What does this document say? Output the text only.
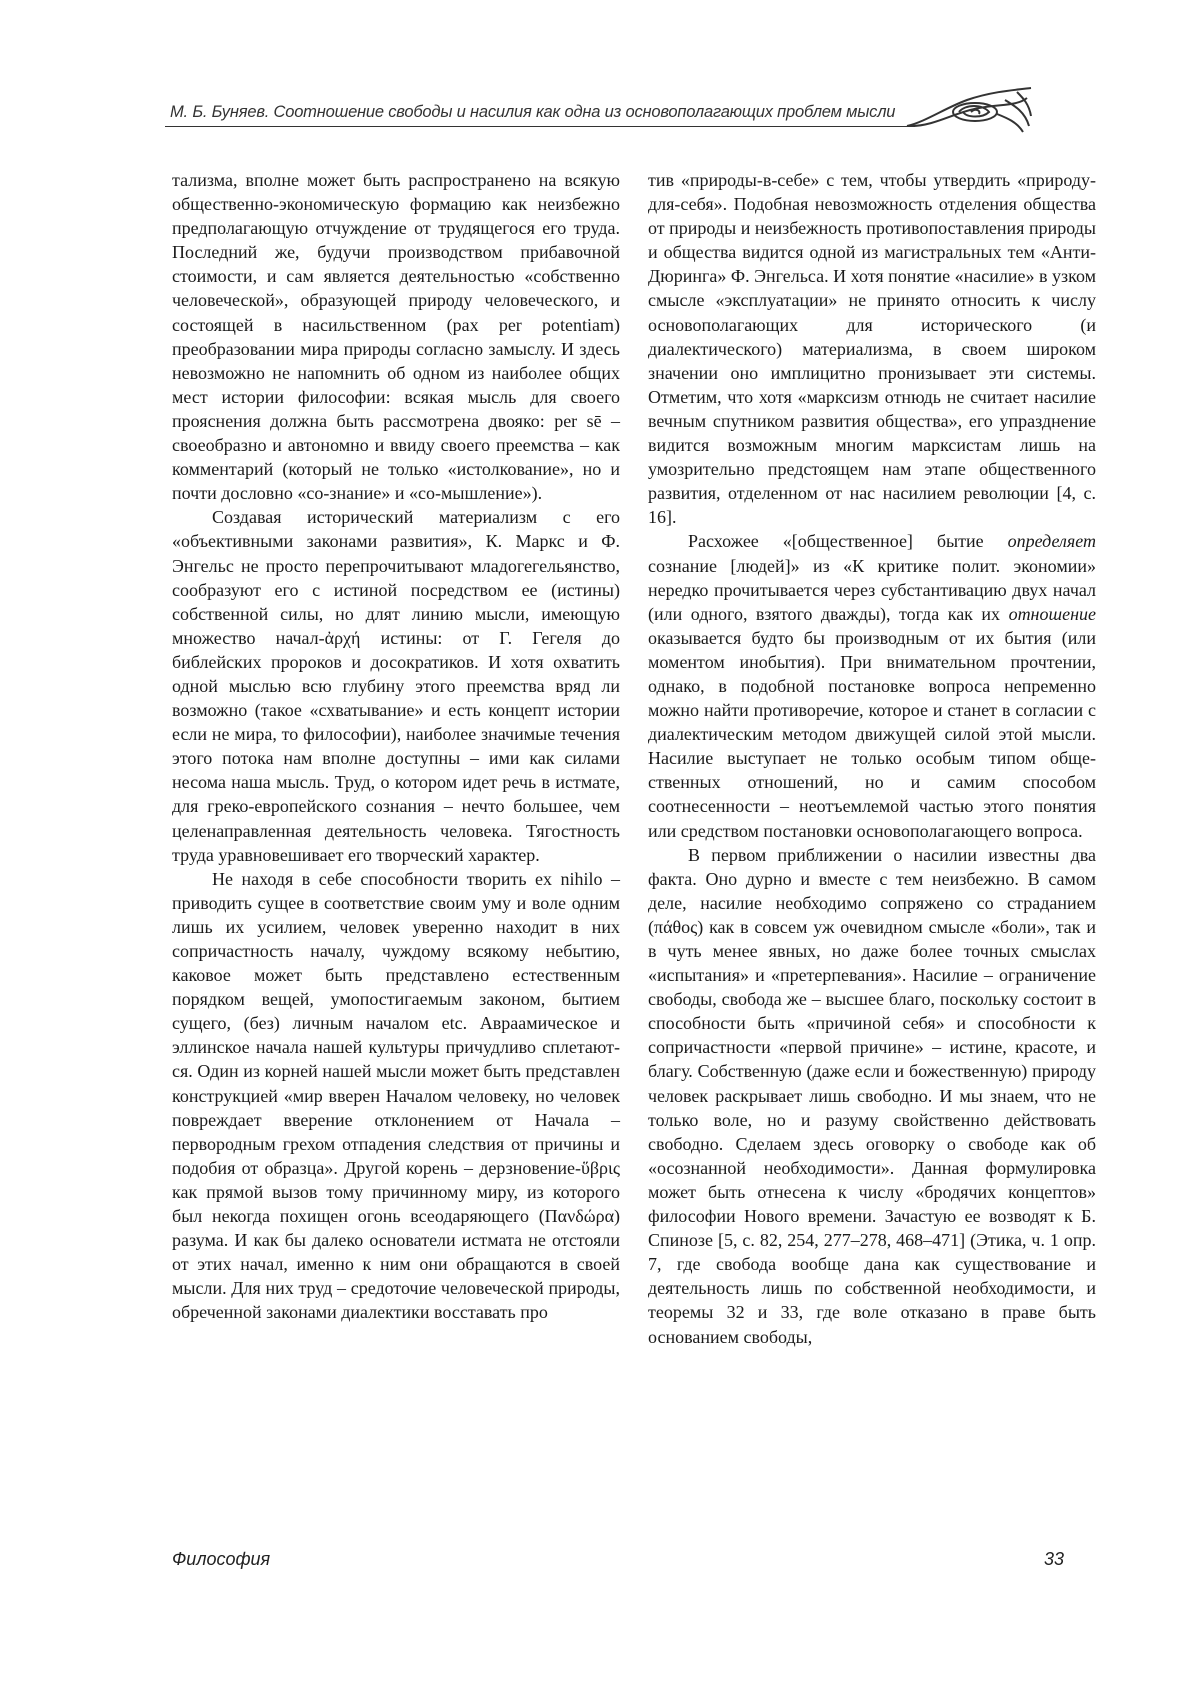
М. Б. Буняев. Соотношение свободы и насилия как одна из основополагающих проблем мысли

тализма, вполне может быть распространено на всякую общественно-экономическую формацию как неизбежно предполагающую отчуждение от трудящегося его труда. Последний же, будучи производством прибавочной стоимости, и сам является деятельностью «собственно человеческой», образующей природу человеческого, и состоящей в насильственном (pax per potentiam) преобразовании мира природы согласно замыслу. И здесь невозможно не напомнить об одном из наиболее общих мест истории философии: всякая мысль для своего прояснения должна быть рассмотрена двояко: per sē – своеобразно и автономно и ввиду своего преемства – как комментарий (который не только «истолкование», но и почти дословно «со-знание» и «со-мышление»).

Создавая исторический материализм с его «объективными законами развития», К. Маркс и Ф. Энгельс не просто перепрочитывают младогегельянство, сообразуют его с истиной посредством ее (истины) собственной силы, но длят линию мысли, имеющую множество начал-ἀρχή истины: от Г. Гегеля до библейских пророков и досократиков. И хотя охватить одной мыслью всю глубину этого преемства вряд ли возможно (такое «схватывание» и есть концепт истории если не мира, то философии), наиболее значимые течения этого потока нам вполне доступны – ими как силами несома наша мысль. Труд, о котором идет речь в истмате, для греко-европейского сознания – нечто большее, чем целенаправленная деятельность человека. Тягостность труда уравновешивает его творческий характер.

Не находя в себе способности творить ex nihilo – приводить сущее в соответствие своим уму и воле одним лишь их усилием, человек уверенно находит в них сопричастность началу, чуждому всякому небытию, каковое может быть представлено естественным порядком вещей, умопостигаемым законом, бытием сущего, (без) личным началом etc. Авраамическое и эллинское начала нашей культуры причудливо сплетаются. Один из корней нашей мысли может быть представлен конструкцией «мир вверен Началом человеку, но человек повреждает вверение отклонением от Начала – первородным грехом отпадения следствия от причины и подобия от образца». Другой корень – дерзновение-ὕβρις как прямой вызов тому причинному миру, из которого был некогда похищен огонь всеодаряющего (Πανδώρα) разума. И как бы далеко основатели истмата не отстояли от этих начал, именно к ним они обращаются в своей мысли. Для них труд – средоточие человеческой природы, обреченной законами диалектики восставать про

тив «природы-в-себе» с тем, чтобы утвердить «природу-для-себя». Подобная невозможность отделения общества от природы и неизбежность противопоставления природы и общества видится одной из магистральных тем «Анти-Дюринга» Ф. Энгельса. И хотя понятие «насилие» в узком смысле «эксплуатации» не принято относить к числу основополагающих для исторического (и диалектического) материализма, в своем широком значении оно имплицитно пронизывает эти системы. Отметим, что хотя «марксизм отнюдь не считает насилие вечным спутником развития общества», его упразднение видится возможным многим марксистам лишь на умозрительно предстоящем нам этапе общественного развития, отделенном от нас насилием революции [4, с. 16].

Расхожее «[общественное] бытие определяет сознание [людей]» из «К критике полит. экономии» нередко прочитывается через субстантивацию двух начал (или одного, взятого дважды), тогда как их отношение оказывается будто бы производным от их бытия (или моментом инобытия). При внимательном прочтении, однако, в подобной постановке вопроса непременно можно найти противоречие, которое и станет в согласии с диалектическим методом движущей силой этой мысли. Насилие выступает не только особым типом общественных отношений, но и самим способом соотнесенности – неотъемлемой частью этого понятия или средством постановки основополагающего вопроса.

В первом приближении о насилии известны два факта. Оно дурно и вместе с тем неизбежно. В самом деле, насилие необходимо сопряжено со страданием (πάθος) как в совсем уж очевидном смысле «боли», так и в чуть менее явных, но даже более точных смыслах «испытания» и «претерпевания». Насилие – ограничение свободы, свобода же – высшее благо, поскольку состоит в способности быть «причиной себя» и способности к сопричастности «первой причине» – истине, красоте, и благу. Собственную (даже если и божественную) природу человек раскрывает лишь свободно. И мы знаем, что не только воле, но и разуму свойственно действовать свободно. Сделаем здесь оговорку о свободе как об «осознанной необходимости». Данная формулировка может быть отнесена к числу «бродячих концептов» философии Нового времени. Зачастую ее возводят к Б. Спинозе [5, с. 82, 254, 277–278, 468–471] (Этика, ч. 1 опр. 7, где свобода вообще дана как существование и деятельность лишь по собственной необходимости, и теоремы 32 и 33, где воле отказано в праве быть основанием свободы,

Философия	33
